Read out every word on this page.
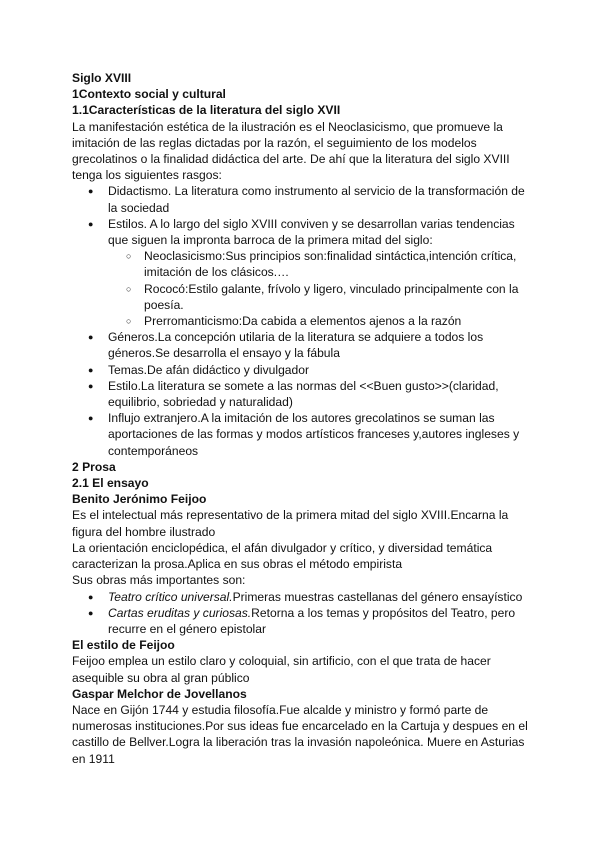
Siglo XVIII

1Contexto social y cultural

1.1Características de la literatura del siglo XVII

La manifestación estética de la ilustración es el Neoclasicismo, que promueve la imitación de las reglas dictadas por la razón, el seguimiento de los modelos grecolatinos o la finalidad didáctica del arte. De ahí que la literatura del siglo XVIII tenga los siguientes rasgos:

● Didactismo. La literatura como instrumento al servicio de la transformación de la sociedad
● Estilos. A lo largo del siglo XVIII conviven y se desarrollan varias tendencias que siguen la impronta barroca de la primera mitad del siglo:
○ Neoclasicismo:Sus principios son:finalidad sintáctica,intención crítica, imitación de los clásicos.…
○ Rococó:Estilo galante, frívolo y ligero, vinculado principalmente con la poesía.
○ Prerromanticismo:Da cabida a elementos ajenos a la razón
● Géneros.La concepción utilaria de la literatura se adquiere a todos los géneros.Se desarrolla el ensayo y la fábula
● Temas.De afán didáctico y divulgador
● Estilo.La literatura se somete a las normas del <<Buen gusto>>(claridad, equilibrio, sobriedad y naturalidad)
● Influjo extranjero.A la imitación de los autores grecolatinos se suman las aportaciones de las formas y modos artísticos franceses y,autores ingleses y contemporáneos

2 Prosa

2.1 El ensayo

Benito Jerónimo Feijoo

Es el intelectual más representativo de la primera mitad del siglo XVIII.Encarna la figura del hombre ilustrado

La orientación enciclopédica, el afán divulgador y crítico, y diversidad temática caracterizan la prosa.Aplica en sus obras el método empirista

Sus obras más importantes son:

● Teatro crítico universal.Primeras muestras castellanas del género ensayístico
● Cartas eruditas y curiosas.Retorna a los temas y propósitos del Teatro, pero recurre en el género epistolar

El estilo de Feijoo

Feijoo emplea un estilo claro y coloquial, sin artificio, con el que trata de hacer asequible su obra al gran público

Gaspar Melchor de Jovellanos

Nace en Gijón 1744 y estudia filosofía.Fue alcalde y ministro y formó parte de numerosas instituciones.Por sus ideas fue encarcelado en la Cartuja y despues en el castillo de Bellver.Logra la liberación tras la invasión napoleónica. Muere en Asturias en 1911
